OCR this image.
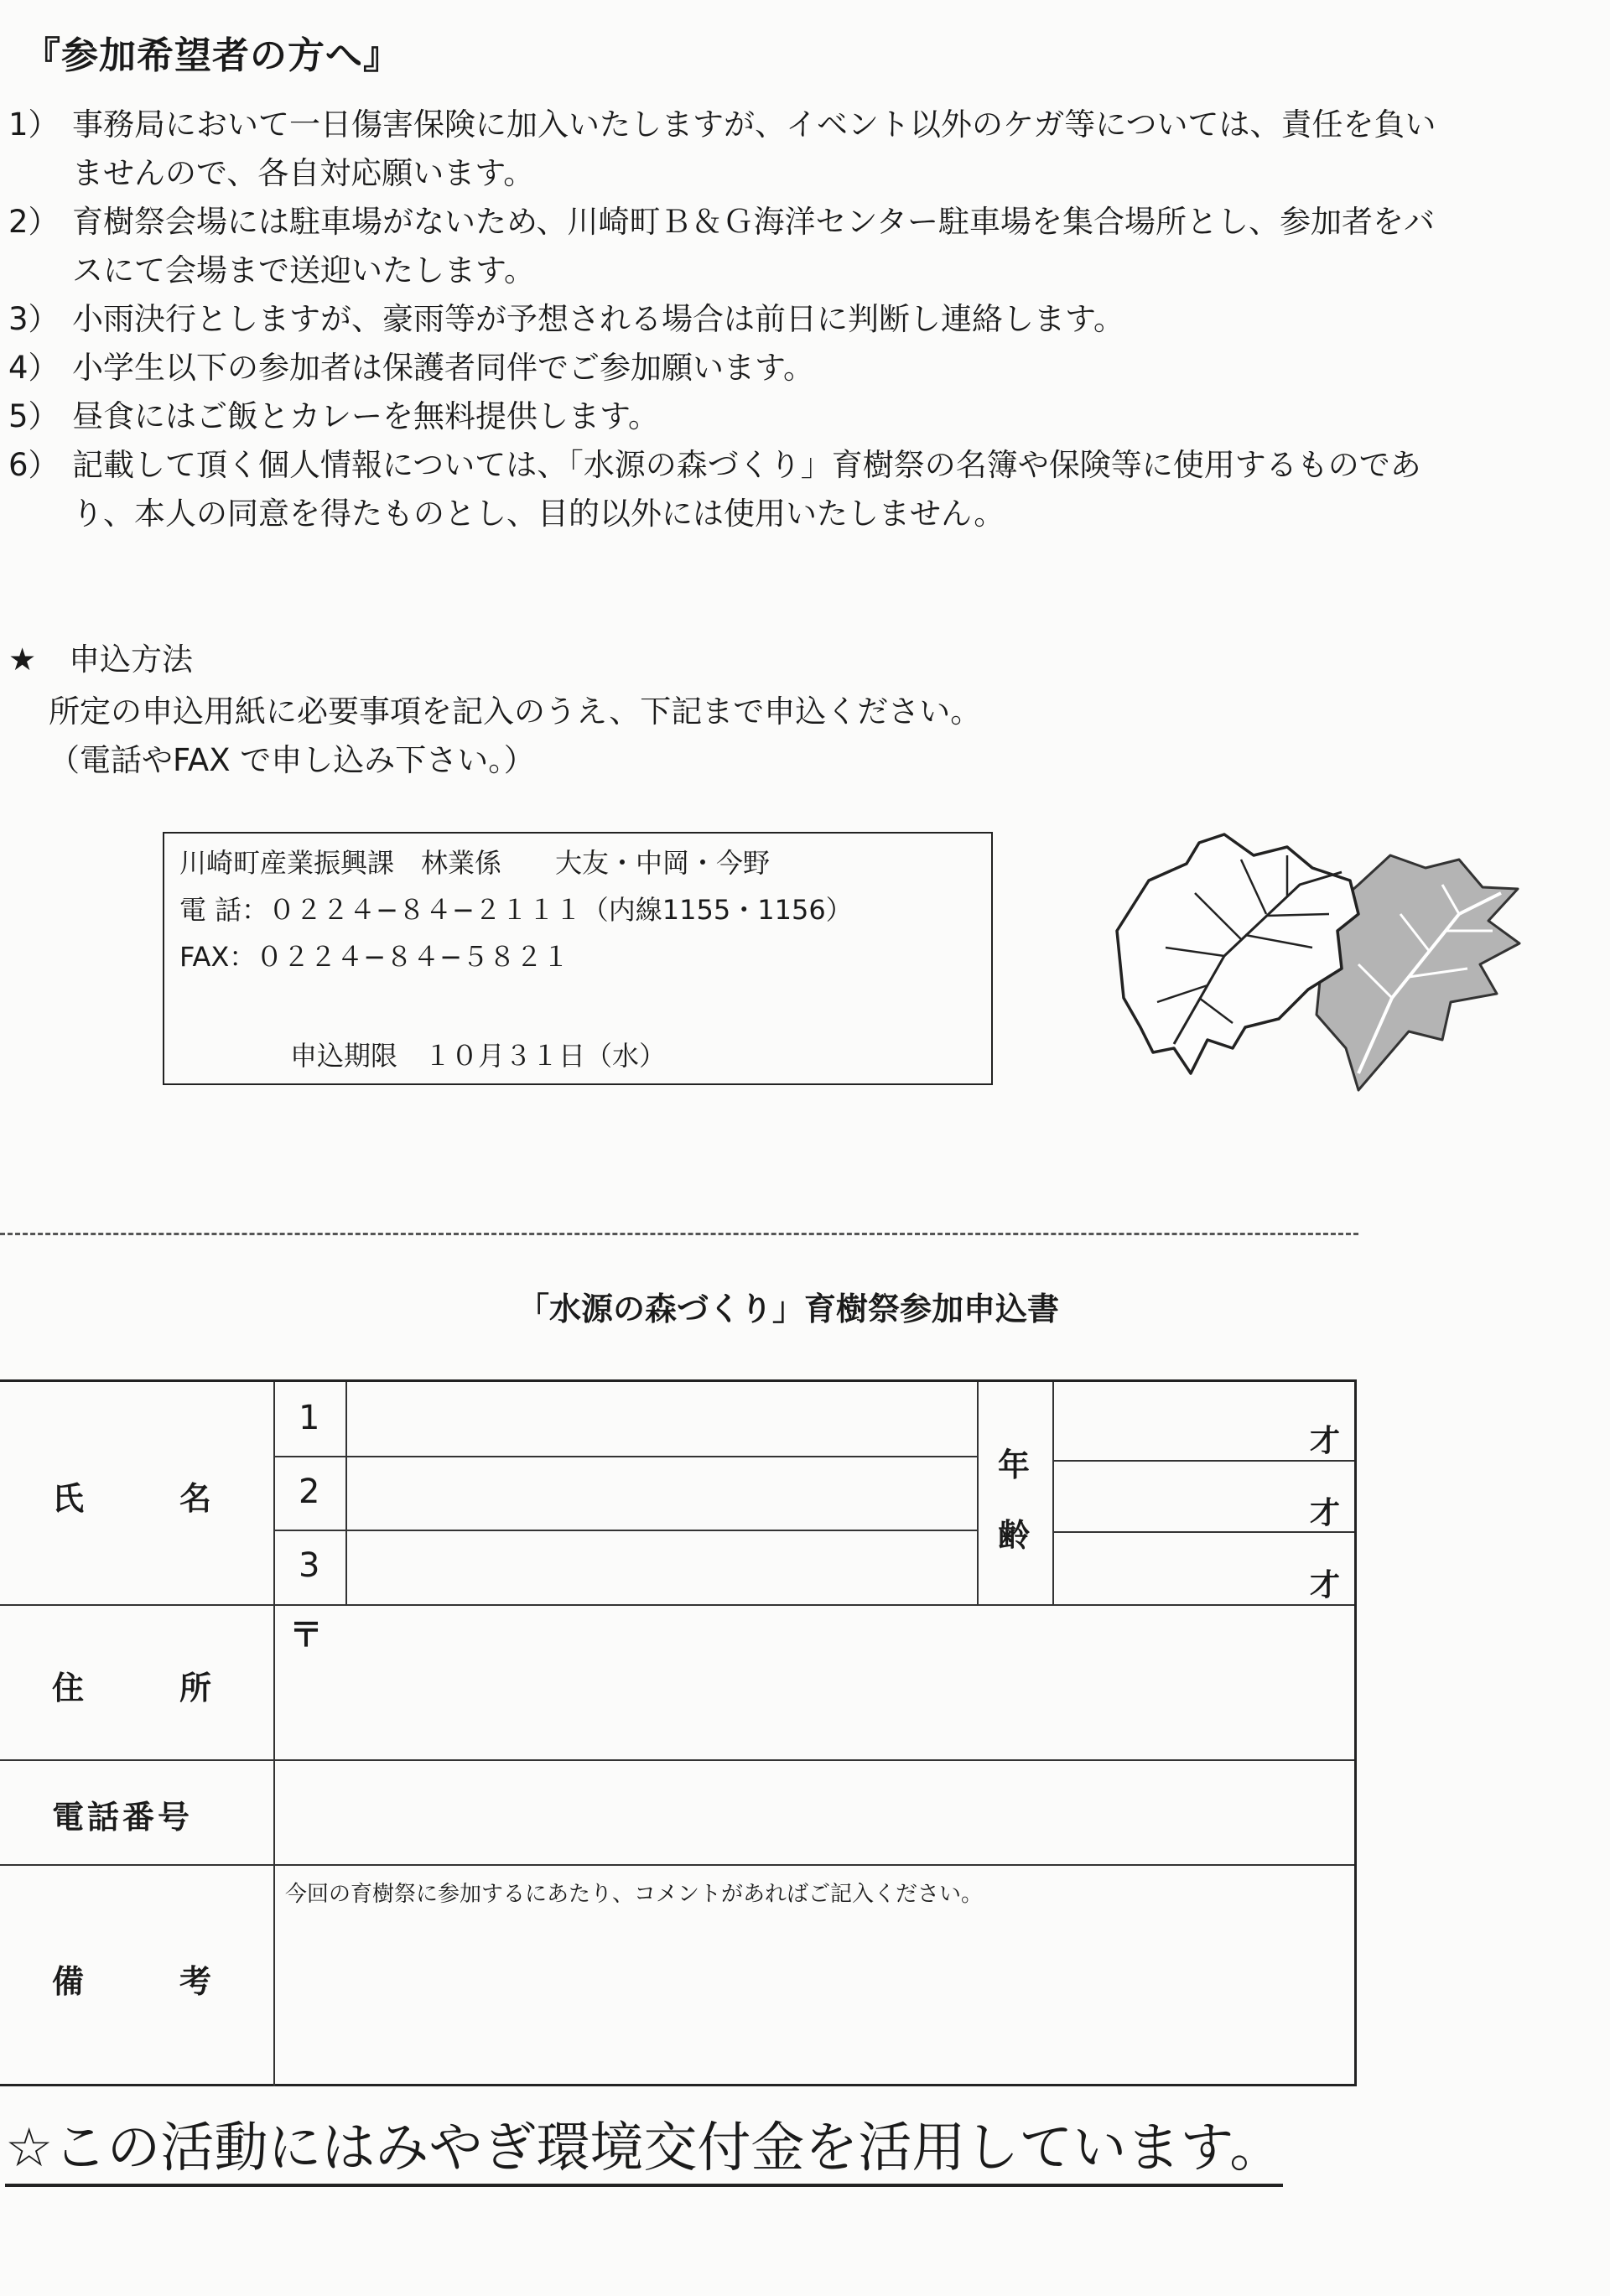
『参加希望者の方へ』
1） 事務局において一日傷害保険に加入いたしますが、イベント以外のケガ等については、責任を負い
ませんので、各自対応願います。
2） 育樹祭会場には駐車場がないため、川崎町Ｂ＆Ｇ海洋センター駐車場を集合場所とし、参加者をバ
スにて会場まで送迎いたします。
3） 小雨決行としますが、豪雨等が予想される場合は前日に判断し連絡します。
4） 小学生以下の参加者は保護者同伴でご参加願います。
5） 昼食にはご飯とカレーを無料提供します。
6） 記載して頂く個人情報については、「水源の森づくり」育樹祭の名簿や保険等に使用するものであ
り、本人の同意を得たものとし、目的以外には使用いたしません。
★ 申込方法
所定の申込用紙に必要事項を記入のうえ、下記まで申込ください。
（電話やFAX で申し込み下さい。）
川崎町産業振興課　林業係　　大友・中岡・今野
電 話：０２２４−８４−２１１１（内線1155・1156）
FAX：０２２４−８４−５８２１
申込期限　１０月３１日（水）
「水源の森づくり」育樹祭参加申込書
氏　　　名
1
2
3
年
齢
才
才
才
住　　　所
〒
電話番号
備　　　考
今回の育樹祭に参加するにあたり、コメントがあればご記入ください。
☆この活動にはみやぎ環境交付金を活用しています。
